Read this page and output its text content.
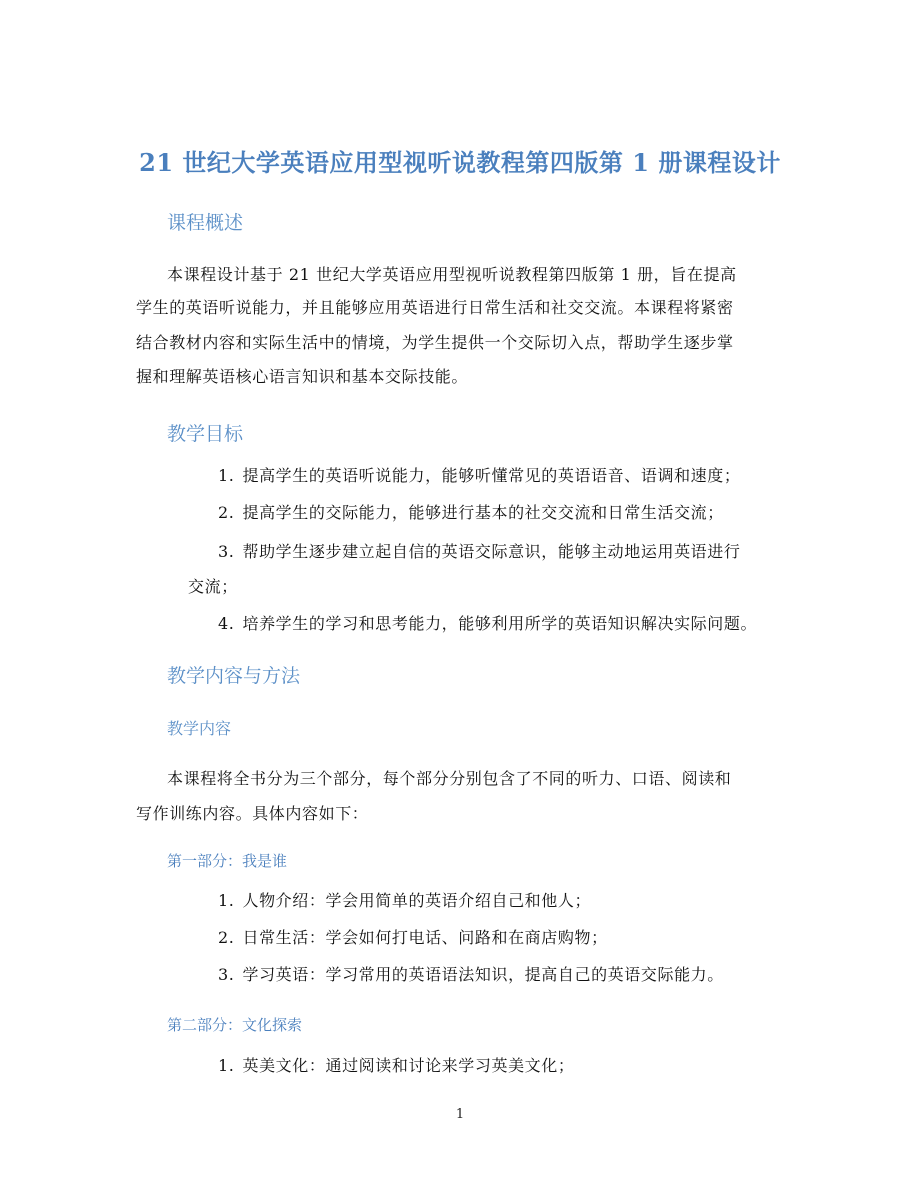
21 世纪大学英语应用型视听说教程第四版第 1 册课程设计
课程概述
本课程设计基于 21 世纪大学英语应用型视听说教程第四版第 1 册，旨在提高
学生的英语听说能力，并且能够应用英语进行日常生活和社交交流。本课程将紧密
结合教材内容和实际生活中的情境，为学生提供一个交际切入点，帮助学生逐步掌
握和理解英语核心语言知识和基本交际技能。
教学目标
1. 提高学生的英语听说能力，能够听懂常见的英语语音、语调和速度；
2. 提高学生的交际能力，能够进行基本的社交交流和日常生活交流；
3. 帮助学生逐步建立起自信的英语交际意识，能够主动地运用英语进行
交流；
4. 培养学生的学习和思考能力，能够利用所学的英语知识解决实际问题。
教学内容与方法
教学内容
本课程将全书分为三个部分，每个部分分别包含了不同的听力、口语、阅读和
写作训练内容。具体内容如下：
第一部分：我是谁
1. 人物介绍：学会用简单的英语介绍自己和他人；
2. 日常生活：学会如何打电话、问路和在商店购物；
3. 学习英语：学习常用的英语语法知识，提高自己的英语交际能力。
第二部分：文化探索
1. 英美文化：通过阅读和讨论来学习英美文化；
1
